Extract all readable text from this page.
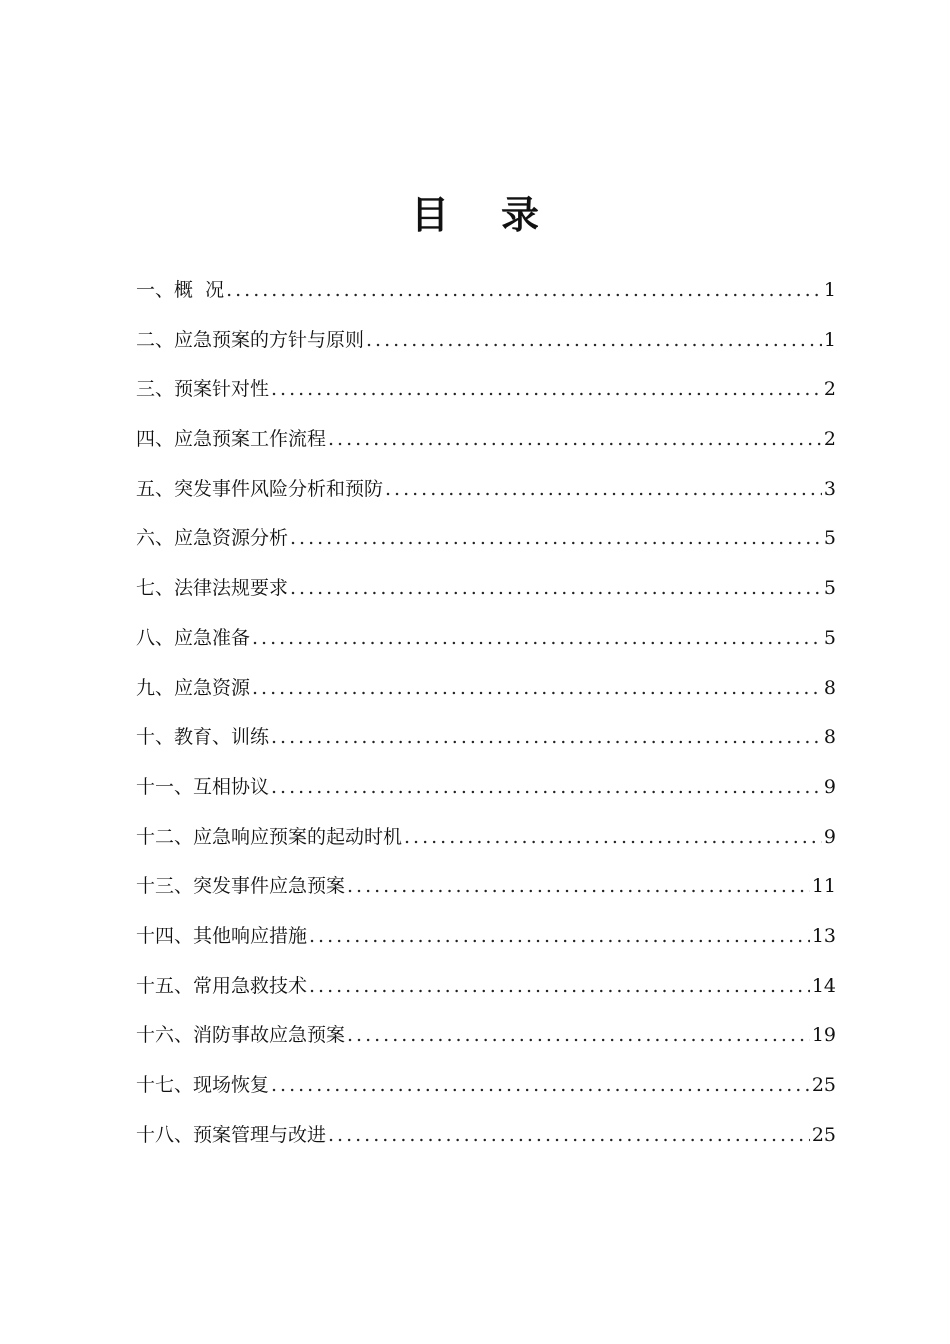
目 录
一、概  况 .....	1
二、应急预案的方针与原则 .....	1
三、预案针对性 .....	2
四、应急预案工作流程 .....	2
五、突发事件风险分析和预防 .....	3
六、应急资源分析 .....	5
七、法律法规要求 .....	5
八、应急准备 .....	5
九、应急资源 .....	8
十、教育、训练 .....	8
十一、互相协议 .....	9
十二、应急响应预案的起动时机 .....	9
十三、突发事件应急预案 .....	11
十四、其他响应措施 .....	13
十五、常用急救技术 .....	14
十六、消防事故应急预案 .....	19
十七、现场恢复 .....	25
十八、预案管理与改进 .....	25
